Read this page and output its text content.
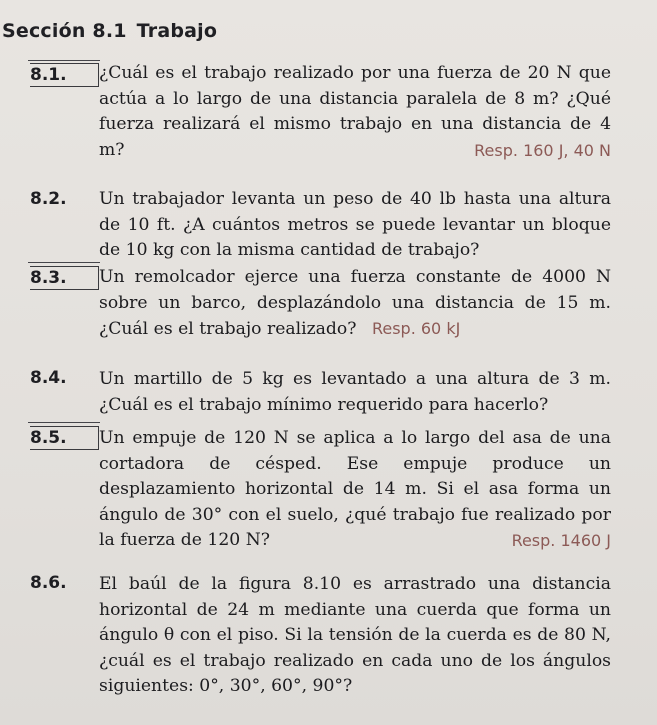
Sección 8.1 Trabajo
8.1.	¿Cuál es el trabajo realizado por una fuerza de 20 N que actúa a lo largo de una distancia paralela de 8 m? ¿Qué fuerza realizará el mismo trabajo en una distancia de 4 m?	Resp. 160 J, 40 N
8.2.	Un trabajador levanta un peso de 40 lb hasta una altura de 10 ft. ¿A cuántos metros se puede levantar un bloque de 10 kg con la misma cantidad de trabajo?
8.3.	Un remolcador ejerce una fuerza constante de 4000 N sobre un barco, desplazándolo una distancia de 15 m. ¿Cuál es el trabajo realizado? Resp. 60 kJ
8.4.	Un martillo de 5 kg es levantado a una altura de 3 m. ¿Cuál es el trabajo mínimo requerido para hacerlo?
8.5.	Un empuje de 120 N se aplica a lo largo del asa de una cortadora de césped. Ese empuje produce un desplazamiento horizontal de 14 m. Si el asa forma un ángulo de 30° con el suelo, ¿qué trabajo fue realizado por la fuerza de 120 N?	Resp. 1460 J
8.6.	El baúl de la figura 8.10 es arrastrado una distancia horizontal de 24 m mediante una cuerda que forma un ángulo θ con el piso. Si la tensión de la cuerda es de 80 N, ¿cuál es el trabajo realizado en cada uno de los ángulos siguientes: 0°, 30°, 60°, 90°?
